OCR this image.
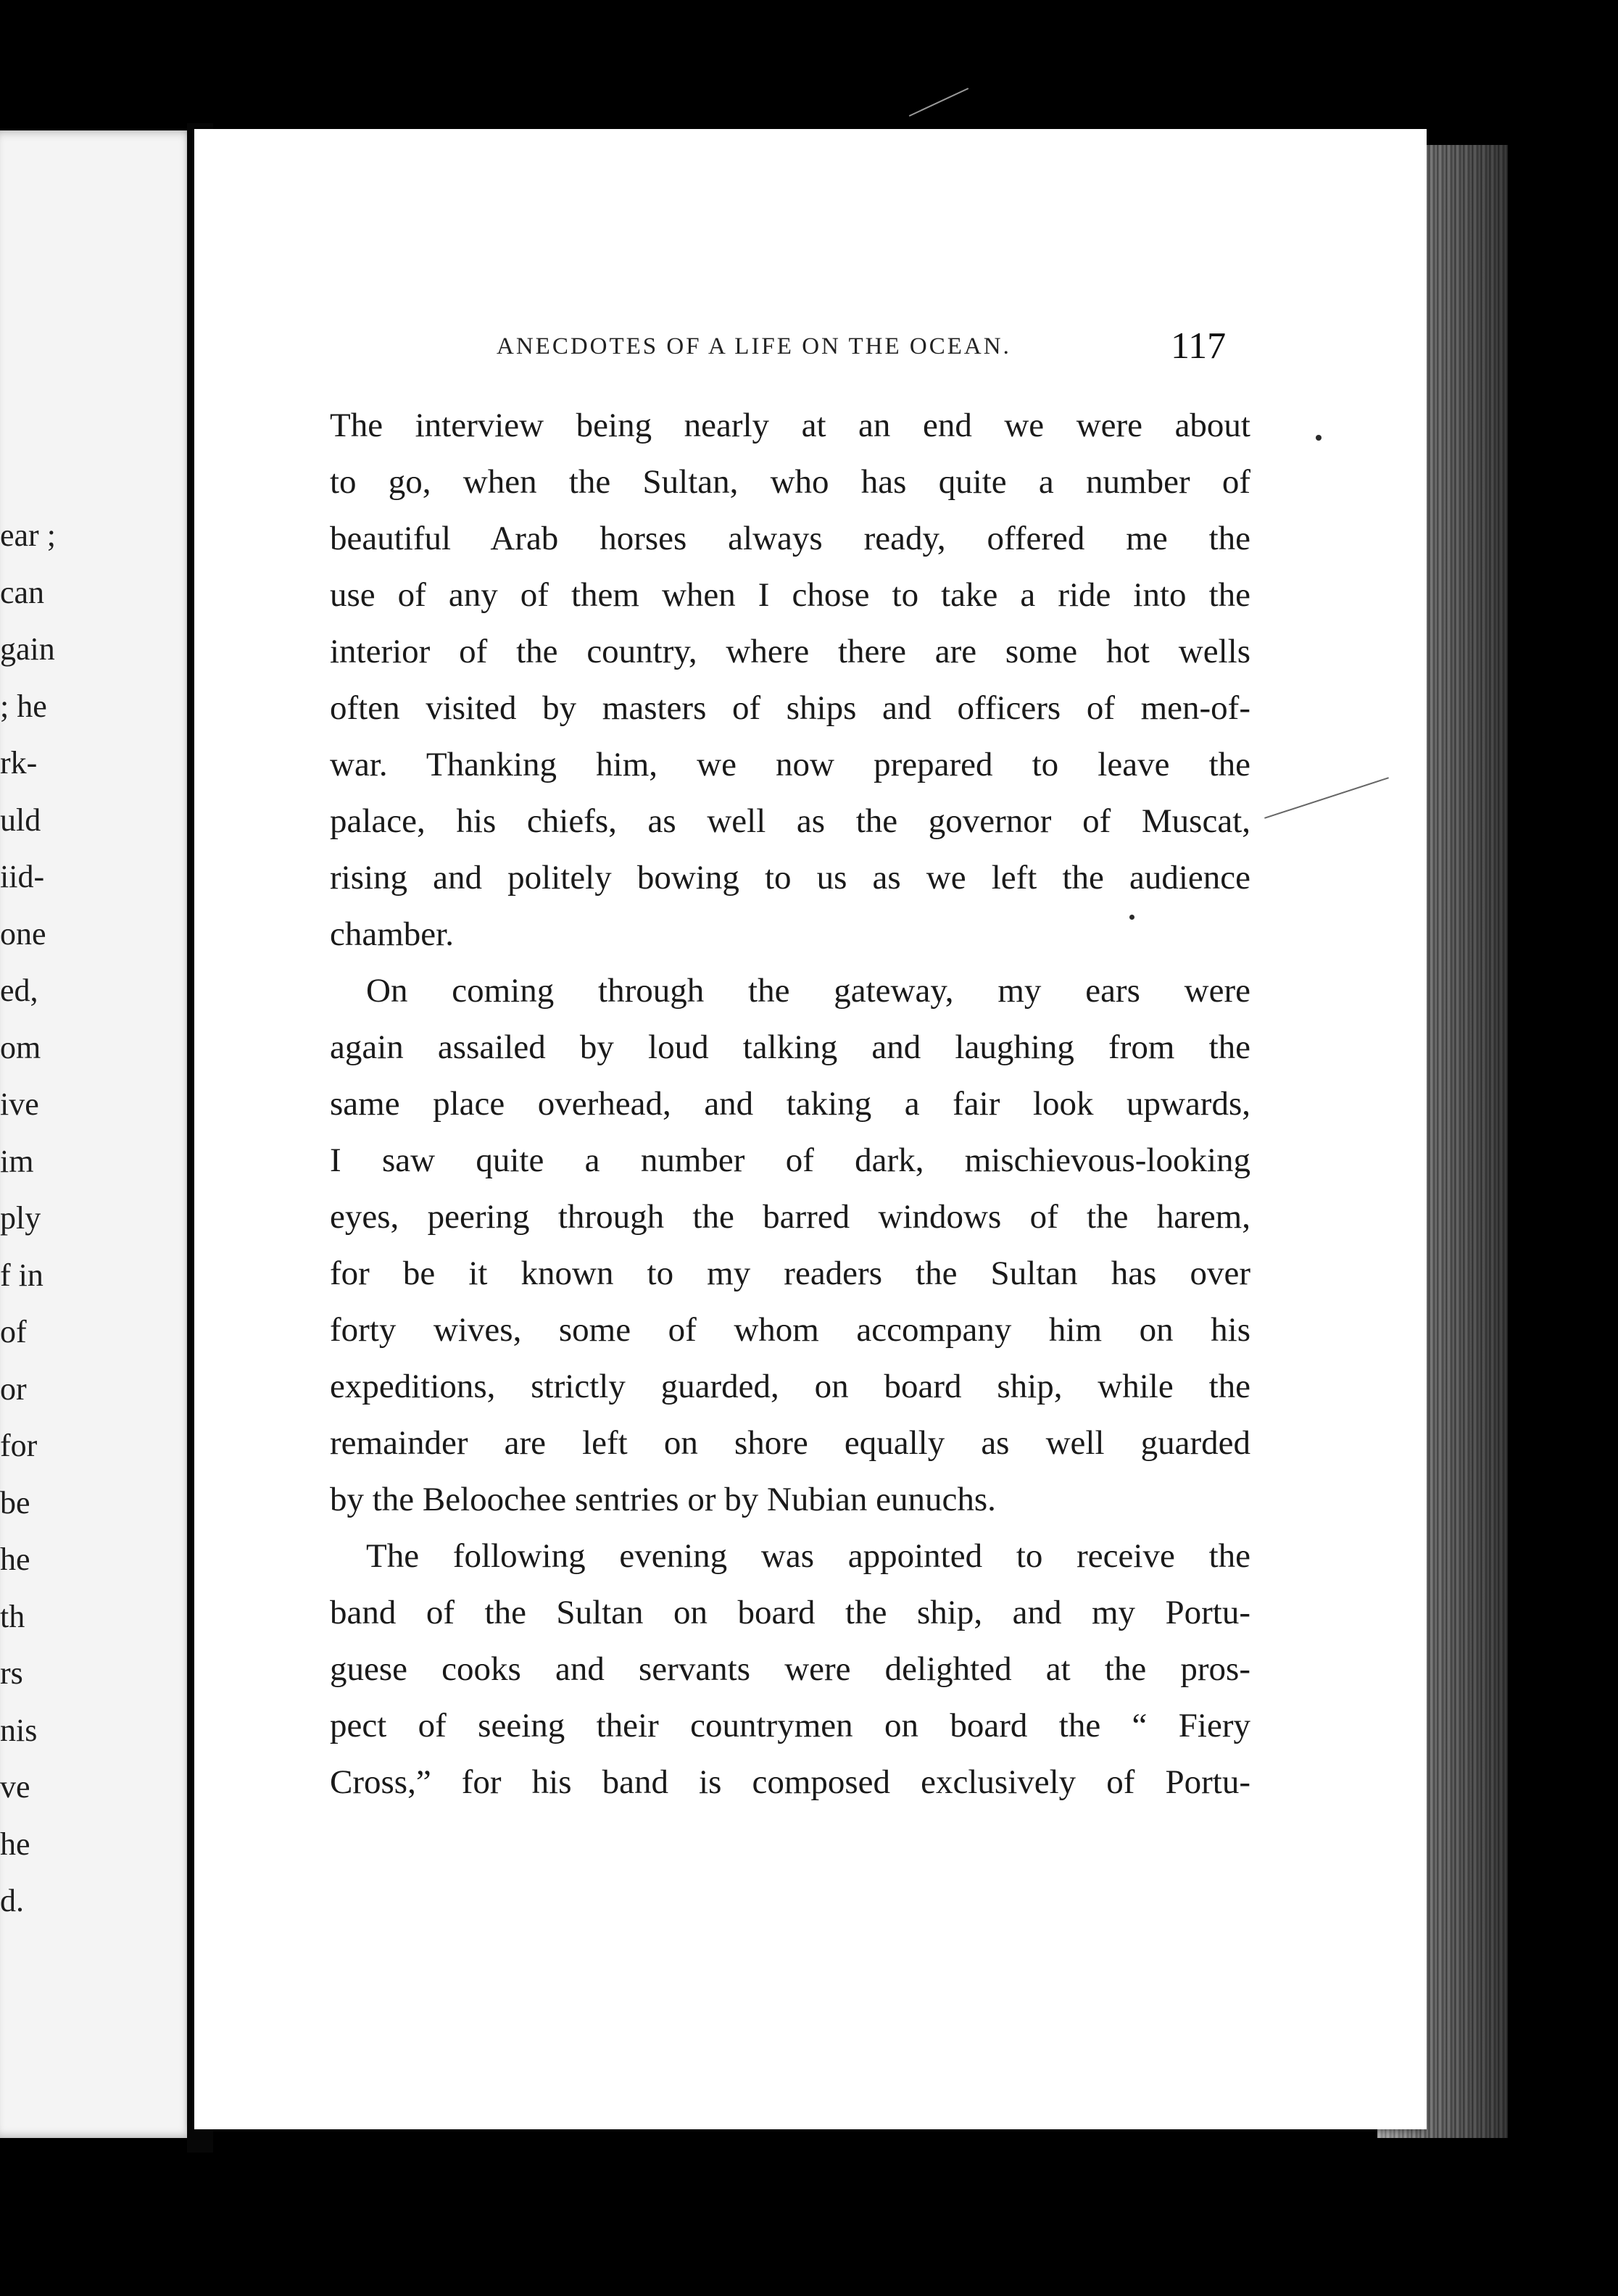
ear ;
can
gain
; he
rk-
uld
iid-
one
ed,
om
ive
im
ply
f in
of
or
for
be
he
th
rs
nis
ve
he
d.
ANECDOTES OF A LIFE ON THE OCEAN.	117
The interview being nearly at an end we were about
to go, when the Sultan, who has quite a number of
beautiful Arab horses always ready, offered me the
use of any of them when I chose to take a ride into the
interior of the country, where there are some hot wells
often visited by masters of ships and officers of men-of-
war. Thanking him, we now prepared to leave the
palace, his chiefs, as well as the governor of Muscat,
rising and politely bowing to us as we left the audience
chamber.
On coming through the gateway, my ears were
again assailed by loud talking and laughing from the
same place overhead, and taking a fair look upwards,
I saw quite a number of dark, mischievous-looking
eyes, peering through the barred windows of the harem,
for be it known to my readers the Sultan has over
forty wives, some of whom accompany him on his
expeditions, strictly guarded, on board ship, while the
remainder are left on shore equally as well guarded
by the Beloochee sentries or by Nubian eunuchs.
The following evening was appointed to receive the
band of the Sultan on board the ship, and my Portu-
guese cooks and servants were delighted at the pros-
pect of seeing their countrymen on board the “ Fiery
Cross,” for his band is composed exclusively of Portu-
